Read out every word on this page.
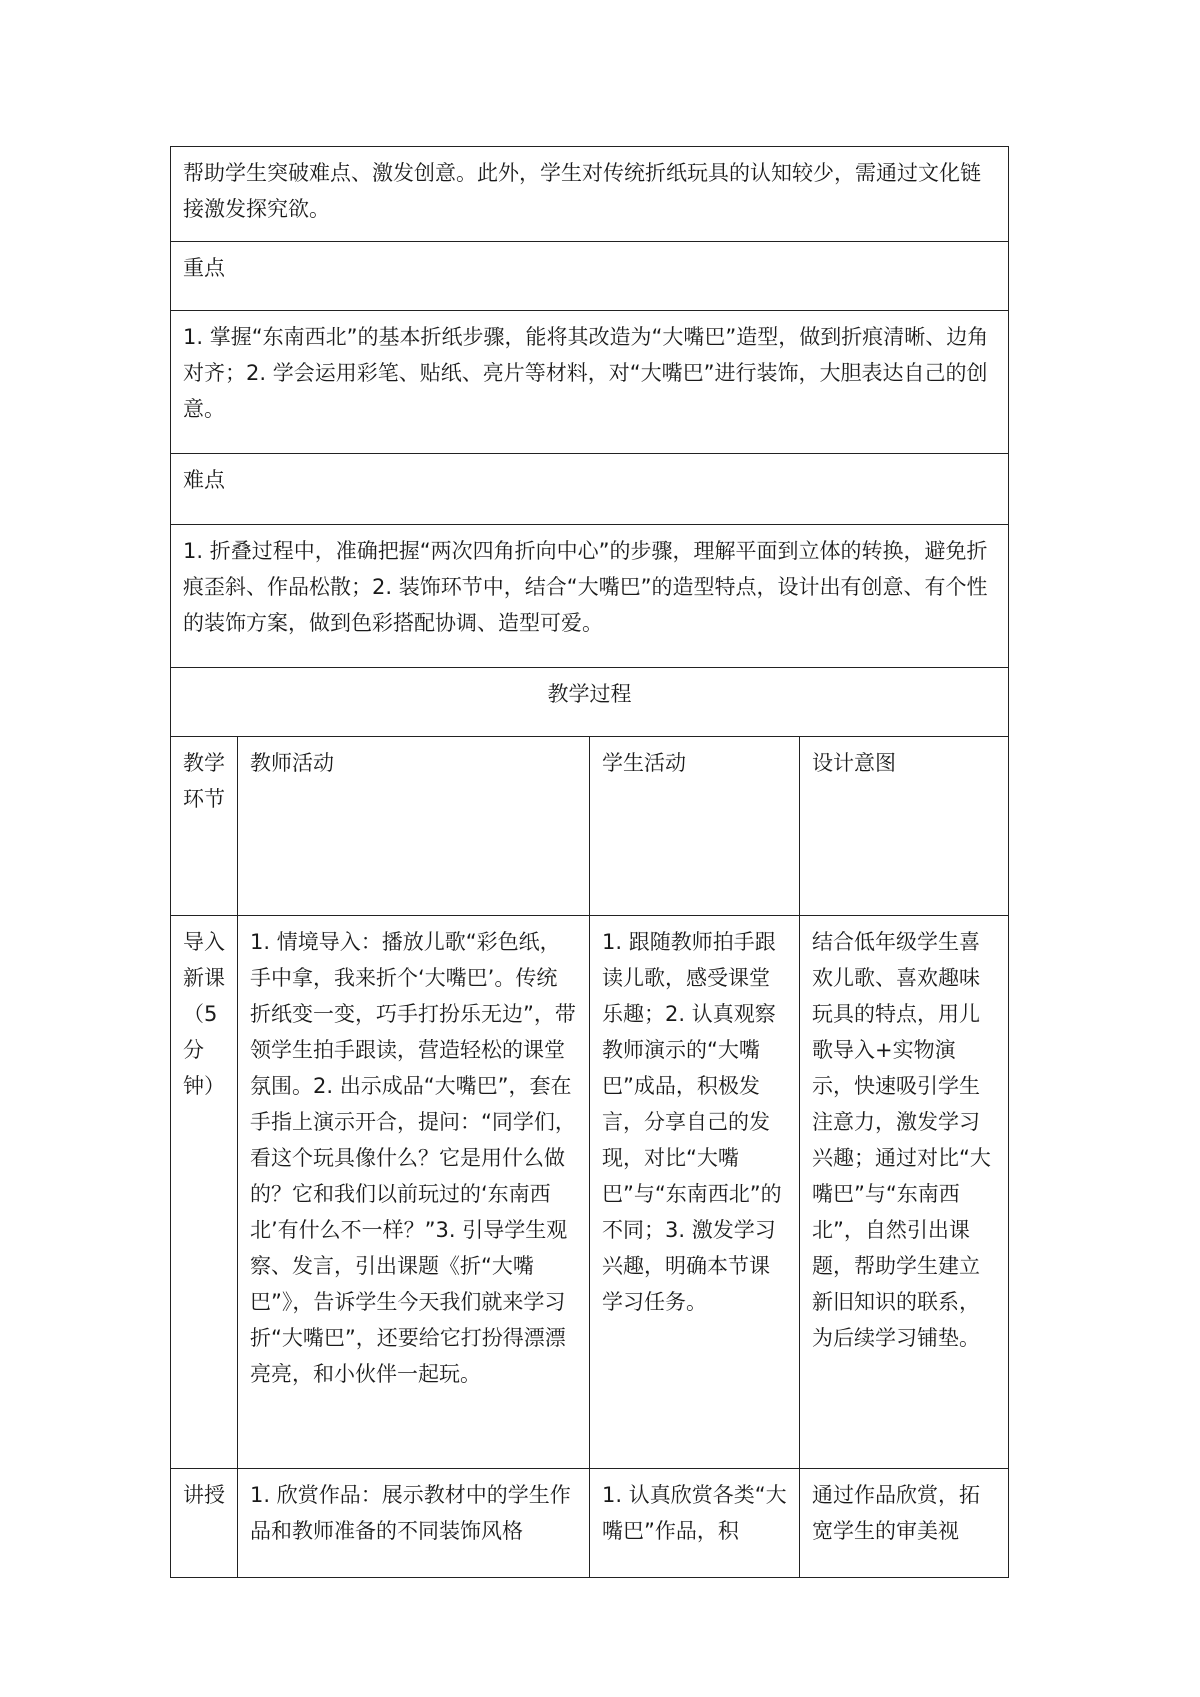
帮助学生突破难点、激发创意。此外，学生对传统折纸玩具的认知较少，需通过文化链接激发探究欲。			
重点			
1. 掌握“东南西北”的基本折纸步骤，能将其改造为“大嘴巴”造型，做到折痕清晰、边角对齐；2. 学会运用彩笔、贴纸、亮片等材料，对“大嘴巴”进行装饰，大胆表达自己的创意。			
难点			
1. 折叠过程中，准确把握“两次四角折向中心”的步骤，理解平面到立体的转换，避免折痕歪斜、作品松散；2. 装饰环节中，结合“大嘴巴”的造型特点，设计出有创意、有个性的装饰方案，做到色彩搭配协调、造型可爱。			
教学过程			
教学环节	教师活动	学生活动	设计意图
导入新课（5分钟）	1. 情境导入：播放儿歌“彩色纸，手中拿，我来折个‘大嘴巴’。传统折纸变一变，巧手打扮乐无边”，带领学生拍手跟读，营造轻松的课堂氛围。2. 出示成品“大嘴巴”，套在手指上演示开合，提问：“同学们，看这个玩具像什么？它是用什么做的？它和我们以前玩过的‘东南西北’有什么不一样？”3. 引导学生观察、发言，引出课题《折“大嘴巴”》，告诉学生今天我们就来学习折“大嘴巴”，还要给它打扮得漂漂亮亮，和小伙伴一起玩。	1. 跟随教师拍手跟读儿歌，感受课堂乐趣；2. 认真观察教师演示的“大嘴巴”成品，积极发言，分享自己的发现，对比“大嘴巴”与“东南西北”的不同；3. 激发学习兴趣，明确本节课学习任务。	结合低年级学生喜欢儿歌、喜欢趣味玩具的特点，用儿歌导入+实物演示，快速吸引学生注意力，激发学习兴趣；通过对比“大嘴巴”与“东南西北”，自然引出课题，帮助学生建立新旧知识的联系，为后续学习铺垫。
讲授	1. 欣赏作品：展示教材中的学生作品和教师准备的不同装饰风格	1. 认真欣赏各类“大嘴巴”作品，积	通过作品欣赏，拓宽学生的审美视
